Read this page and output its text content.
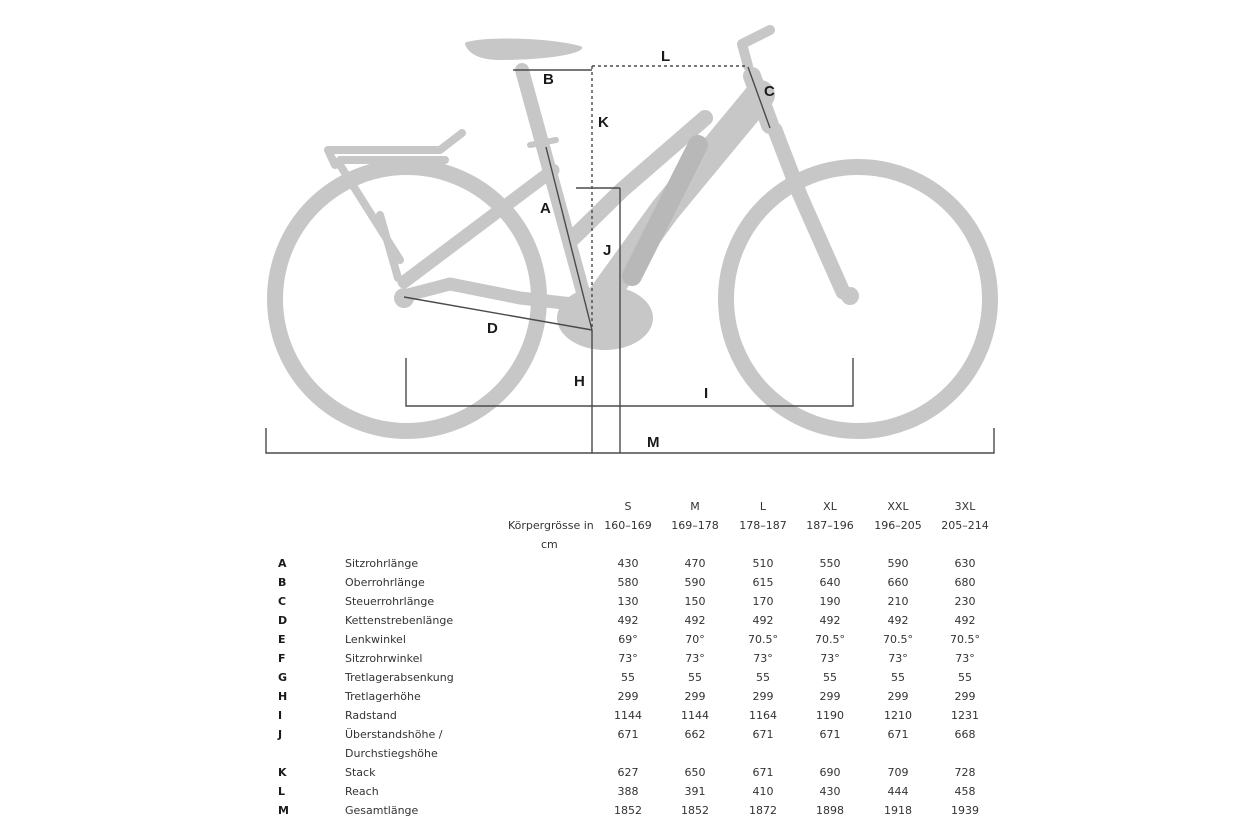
A
B
C
D
H
I
J
K
L
M
S	M	L	XL	XXL	3XL
Körpergrösse in
cm
160–169	169–178	178–187	187–196	196–205	205–214
A	Sitzrohrlänge	430	470	510	550	590	630
B	Oberrohrlänge	580	590	615	640	660	680
C	Steuerrohrlänge	130	150	170	190	210	230
D	Kettenstrebenlänge	492	492	492	492	492	492
E	Lenkwinkel	69°	70°	70.5°	70.5°	70.5°	70.5°
F	Sitzrohrwinkel	73°	73°	73°	73°	73°	73°
G	Tretlagerabsenkung	55	55	55	55	55	55
H	Tretlagerhöhe	299	299	299	299	299	299
I	Radstand	1144	1144	1164	1190	1210	1231
J	Überstandshöhe /	671	662	671	671	671	668
Durchstiegshöhe
K	Stack	627	650	671	690	709	728
L	Reach	388	391	410	430	444	458
M	Gesamtlänge	1852	1852	1872	1898	1918	1939
